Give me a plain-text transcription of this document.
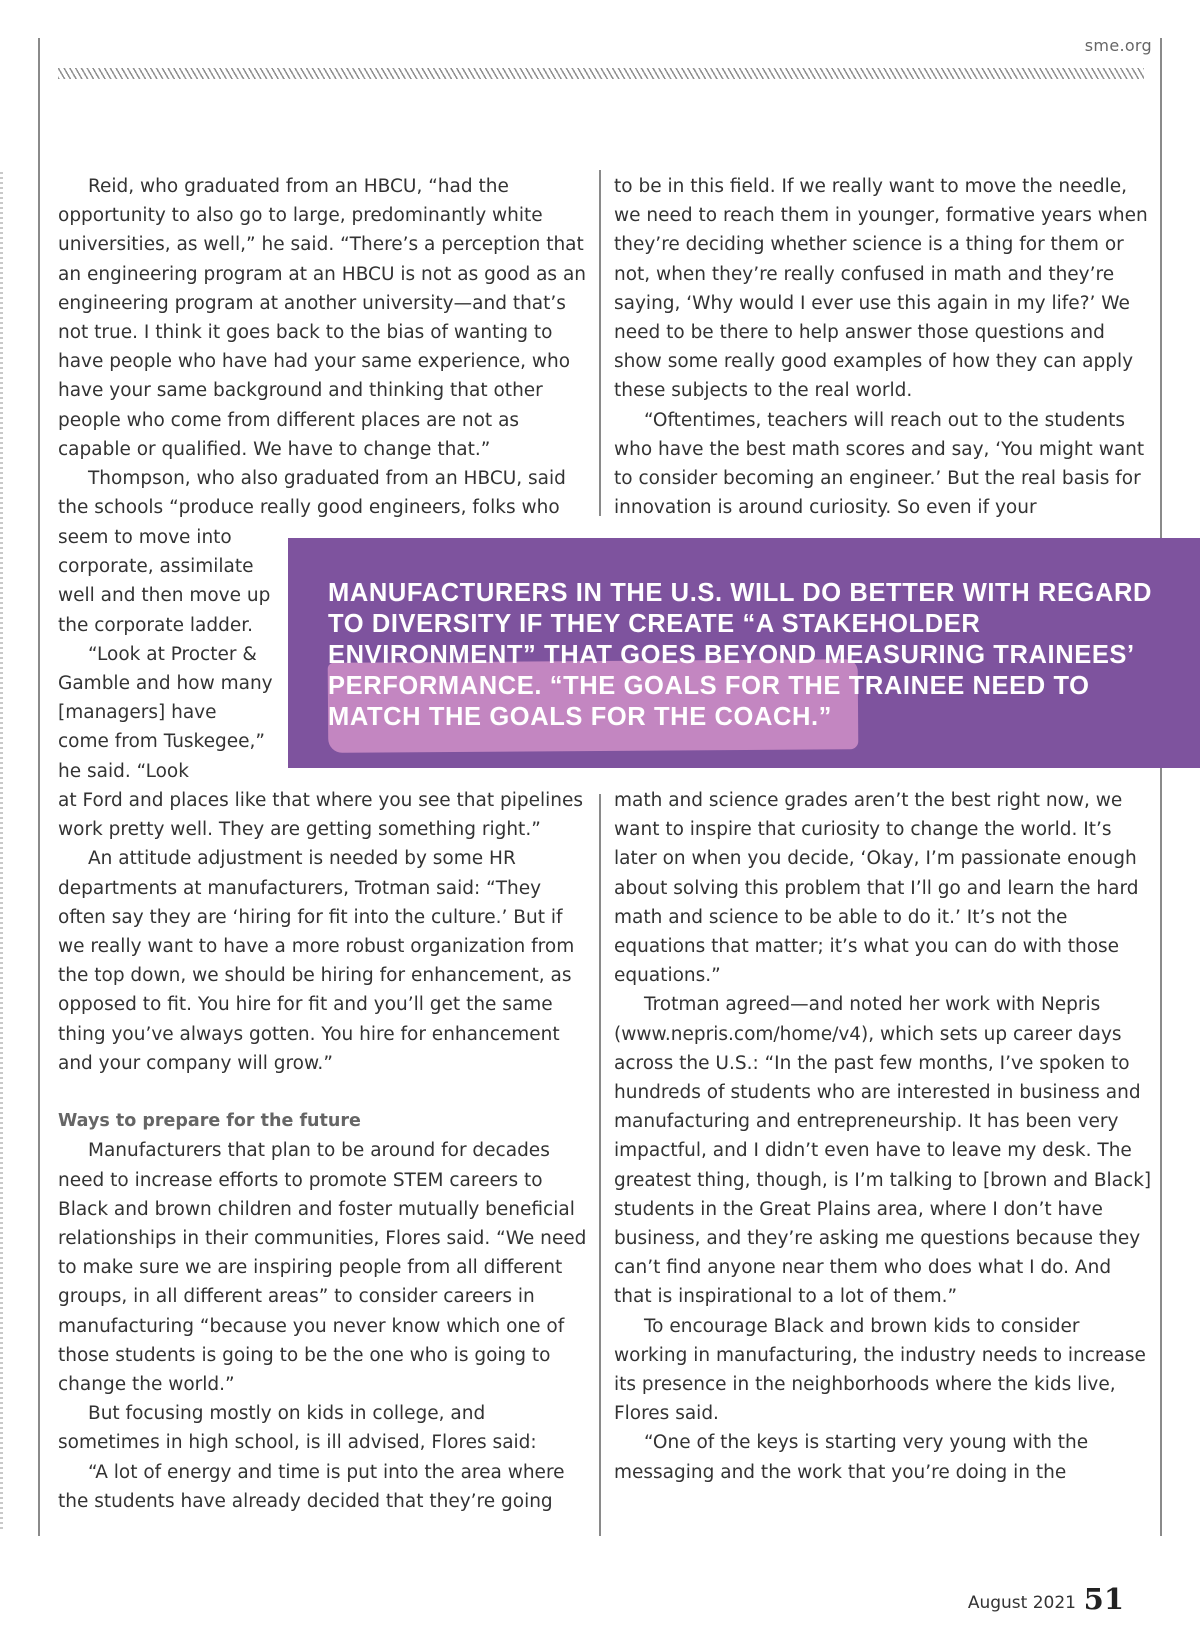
sme.org

Reid, who graduated from an HBCU, “had the opportunity to also go to large, predominantly white universities, as well,” he said. “There’s a perception that an engineering program at an HBCU is not as good as an engineering program at another university—and that’s not true. I think it goes back to the bias of wanting to have people who have had your same experience, who have your same background and thinking that other people who come from different places are not as capable or qualified. We have to change that.”

Thompson, who also graduated from an HBCU, said the schools “produce really good engineers, folks who

seem to move into corporate, assimilate well and then move up the corporate ladder.

“Look at Procter & Gamble and how many [managers] have come from Tuskegee,” he said. “Look

at Ford and places like that where you see that pipelines work pretty well. They are getting something right.”

An attitude adjustment is needed by some HR departments at manufacturers, Trotman said: “They often say they are ‘hiring for fit into the culture.’ But if we really want to have a more robust organization from the top down, we should be hiring for enhancement, as opposed to fit. You hire for fit and you’ll get the same thing you’ve always gotten. You hire for enhancement and your company will grow.”

Ways to prepare for the future

Manufacturers that plan to be around for decades need to increase efforts to promote STEM careers to Black and brown children and foster mutually beneficial relationships in their communities, Flores said. “We need to make sure we are inspiring people from all different groups, in all different areas” to consider careers in manufacturing “because you never know which one of those students is going to be the one who is going to change the world.”

But focusing mostly on kids in college, and sometimes in high school, is ill advised, Flores said:

“A lot of energy and time is put into the area where the students have already decided that they’re going

to be in this field. If we really want to move the needle, we need to reach them in younger, formative years when they’re deciding whether science is a thing for them or not, when they’re really confused in math and they’re saying, ‘Why would I ever use this again in my life?’ We need to be there to help answer those questions and show some really good examples of how they can apply these subjects to the real world.

“Oftentimes, teachers will reach out to the students who have the best math scores and say, ‘You might want to consider becoming an engineer.’ But the real basis for innovation is around curiosity. So even if your

math and science grades aren’t the best right now, we want to inspire that curiosity to change the world. It’s later on when you decide, ‘Okay, I’m passionate enough about solving this problem that I’ll go and learn the hard math and science to be able to do it.’ It’s not the equations that matter; it’s what you can do with those equations.”

Trotman agreed—and noted her work with Nepris (www.nepris.com/home/v4), which sets up career days across the U.S.: “In the past few months, I’ve spoken to hundreds of students who are interested in business and manufacturing and entrepreneurship. It has been very impactful, and I didn’t even have to leave my desk. The greatest thing, though, is I’m talking to [brown and Black] students in the Great Plains area, where I don’t have business, and they’re asking me questions because they can’t find anyone near them who does what I do. And that is inspirational to a lot of them.”

To encourage Black and brown kids to consider working in manufacturing, the industry needs to increase its presence in the neighborhoods where the kids live, Flores said.

“One of the keys is starting very young with the messaging and the work that you’re doing in the

MANUFACTURERS IN THE U.S. WILL DO BETTER WITH REGARD TO DIVERSITY IF THEY CREATE “A STAKEHOLDER ENVIRONMENT” THAT GOES BEYOND MEASURING TRAINEES’ PERFORMANCE. “THE GOALS FOR THE TRAINEE NEED TO MATCH THE GOALS FOR THE COACH.”
August 2021 51
